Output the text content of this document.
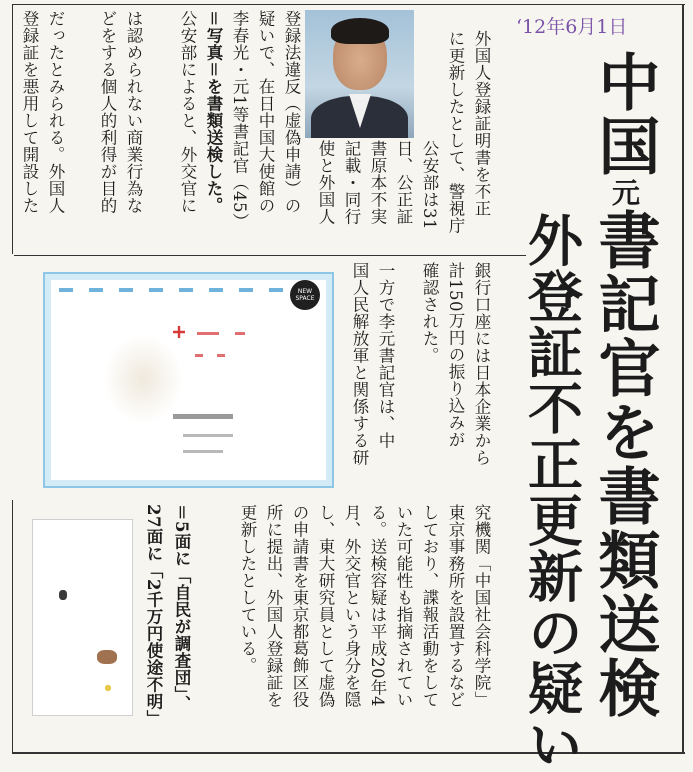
‘12年6月1日
中国元書記官を書類送検
外登証不正更新の疑い
NEW SPACE
外国人登録証明書を不正
に更新したとして、警視庁
公安部は31
日、公正証
書原本不実
記載・同行
使と外国人
登録法違反（虚偽申請）の
疑いで、在日中国大使館の
李春光・元1等書記官（45）
＝写真＝を書類送検した。
公安部によると、外交官に
は認められない商業行為な
どをする個人的利得が目的
だったとみられる。外国人
登録証を悪用して開設した
銀行口座には日本企業から
計150万円の振り込みが
確認された。
一方で李元書記官は、中
国人民解放軍と関係する研
究機関「中国社会科学院」
東京事務所を設置するなど
しており、諜報活動をして
いた可能性も指摘されてい
る。送検容疑は平成20年4
月、外交官という身分を隠
し、東大研究員として虚偽
の申請書を東京都葛飾区役
所に提出、外国人登録証を
更新したとしている。
＝5面に「自民が調査団」、
27面に「2千万円使途不明」
